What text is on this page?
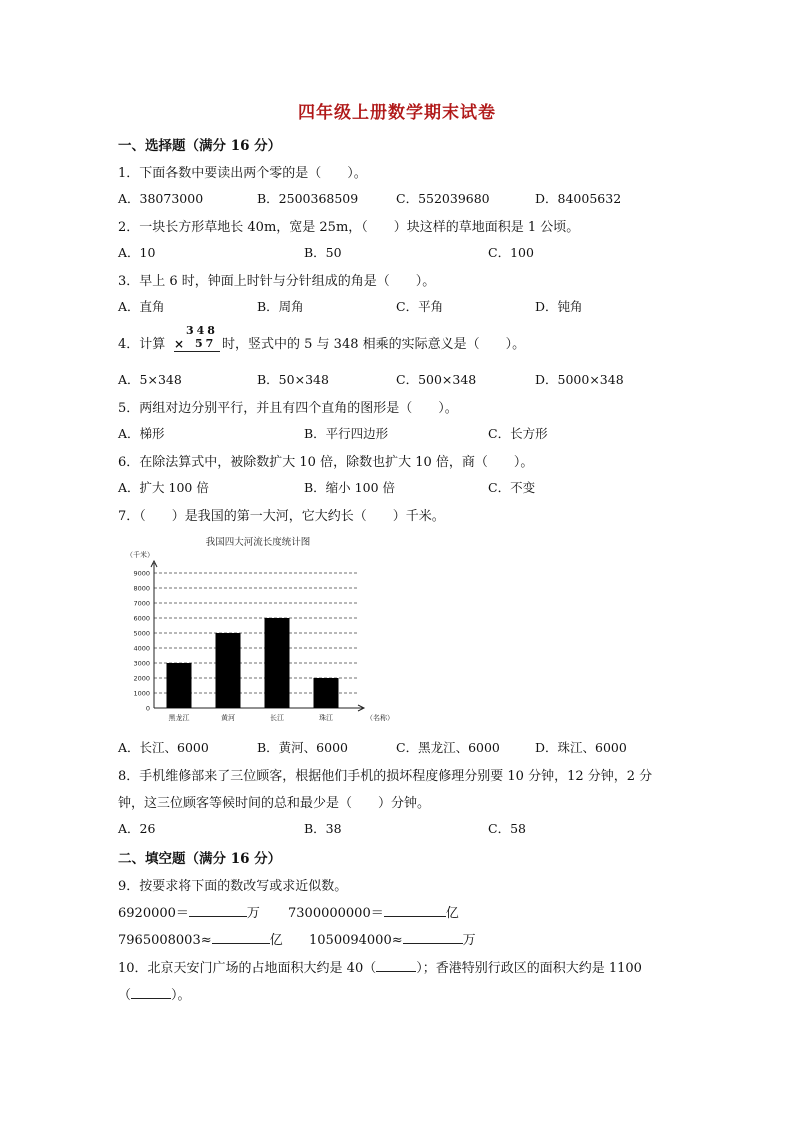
四年级上册数学期末试卷
一、选择题（满分 16 分）
1．下面各数中要读出两个零的是（　　）。
A．38073000	B．2500368509	C．552039680	D．84005632
2．一块长方形草地长 40m，宽是 25m，（　　）块这样的草地面积是 1 公顷。
A．10	B．50	C．100
3．早上 6 时，钟面上时针与分针组成的角是（　　）。
A．直角	B．周角	C．平角	D．钝角
4．计算
348
× 57 时，竖式中的 5 与 348 相乘的实际意义是（　　）。
A．5×348	B．50×348	C．500×348	D．5000×348
5．两组对边分别平行，并且有四个直角的图形是（　　）。
A．梯形	B．平行四边形	C．长方形
6．在除法算式中，被除数扩大 10 倍，除数也扩大 10 倍，商（　　）。
A．扩大 100 倍	B．缩小 100 倍	C．不变
7．（　　）是我国的第一大河，它大约长（　　）千米。
我国四大河流长度统计图
（千米）
0
1000
2000
3000
4000
5000
6000
7000
8000
9000
（名称）
黑龙江	黄河	长江	珠江
A．长江、6000	B．黄河、6000	C．黑龙江、6000	D．珠江、6000
8．手机维修部来了三位顾客，根据他们手机的损坏程度修理分别要 10 分钟，12 分钟，2 分
钟，这三位顾客等候时间的总和最少是（　　）分钟。
A．26	B．38	C．58
二、填空题（满分 16 分）
9．按要求将下面的数改写或求近似数。
6920000＝	万 7300000000＝	亿
7965008003≈	亿 1050094000≈	万
10．北京天安门广场的占地面积大约是 40（	）；香港特别行政区的面积大约是 1100
（	）。
